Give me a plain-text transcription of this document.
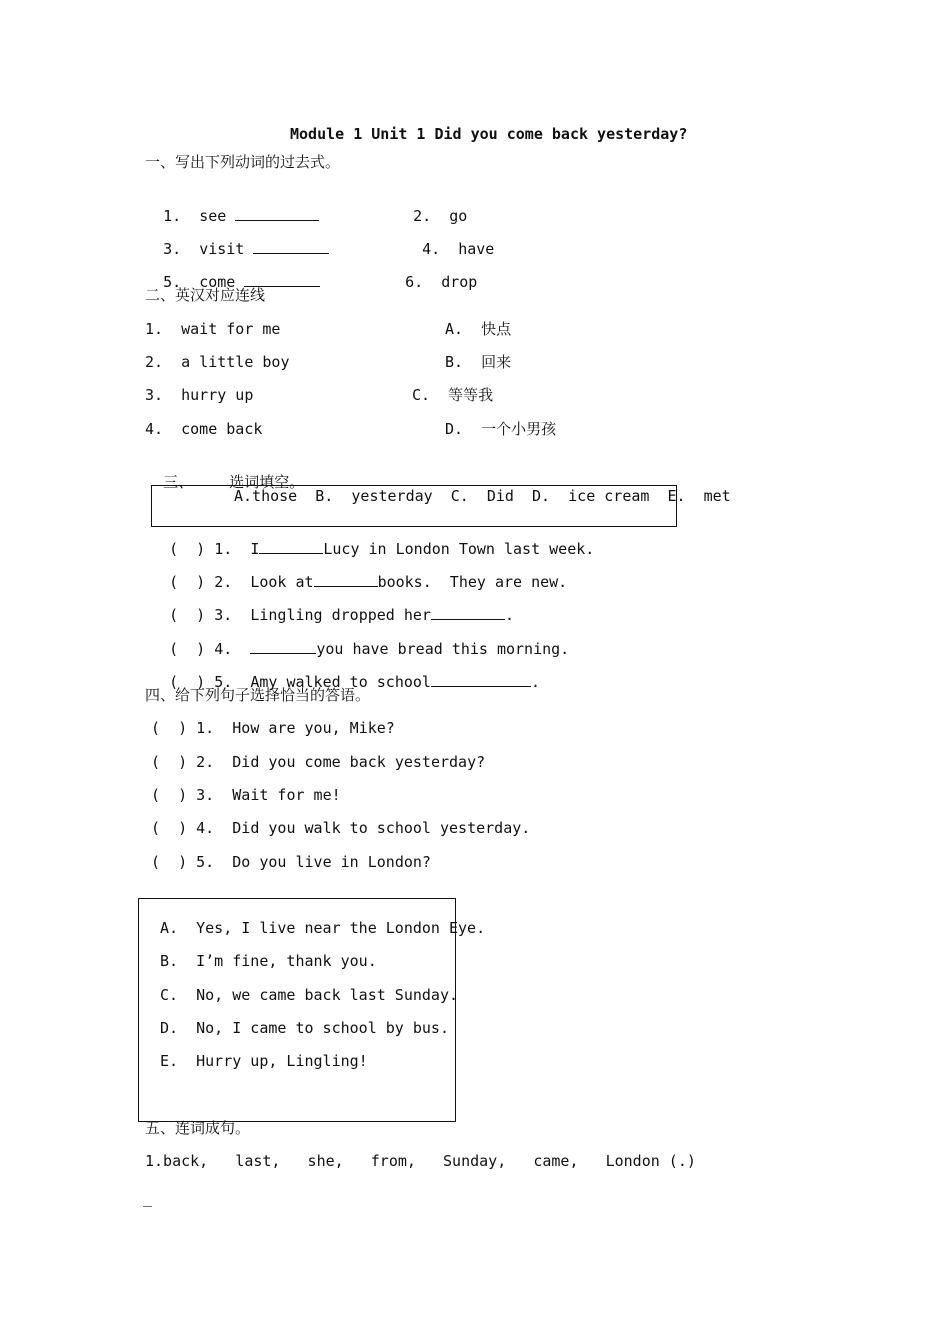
Module 1 Unit 1 Did you come back yesterday?
一、写出下列动词的过去式。

1. see	2. go

3. visit	4. have

5. come	6. drop

二、英汉对应连线
1.  wait for me	A.  快点
2.  a little boy	B.  回来
3.  hurry up	C.  等等我
4.  come back	D.  一个小男孩

三、 选词填空。

A.those  B.  yesterday  C.  Did  D.  ice cream  E.  met

(  ) 1.  I	Lucy in London Town last week.

(  ) 2.  Look at	books.  They are new.

(  ) 3.  Lingling dropped her	.

(  ) 4.	you have bread this morning.

(  ) 5.  Amy walked to school	.

四、给下列句子选择恰当的答语。
(  ) 1.  How are you, Mike?
(  ) 2.  Did you come back yesterday?
(  ) 3.  Wait for me!
(  ) 4.  Did you walk to school yesterday.
(  ) 5.  Do you live in London?
A.  Yes, I live near the London Eye.
B.  I’m fine, thank you.
C.  No, we came back last Sunday.
D.  No, I came to school by bus.
E.  Hurry up, Lingling!
五、连词成句。
1.back,   last,   she,   from,   Sunday,   came,   London (.)
_
